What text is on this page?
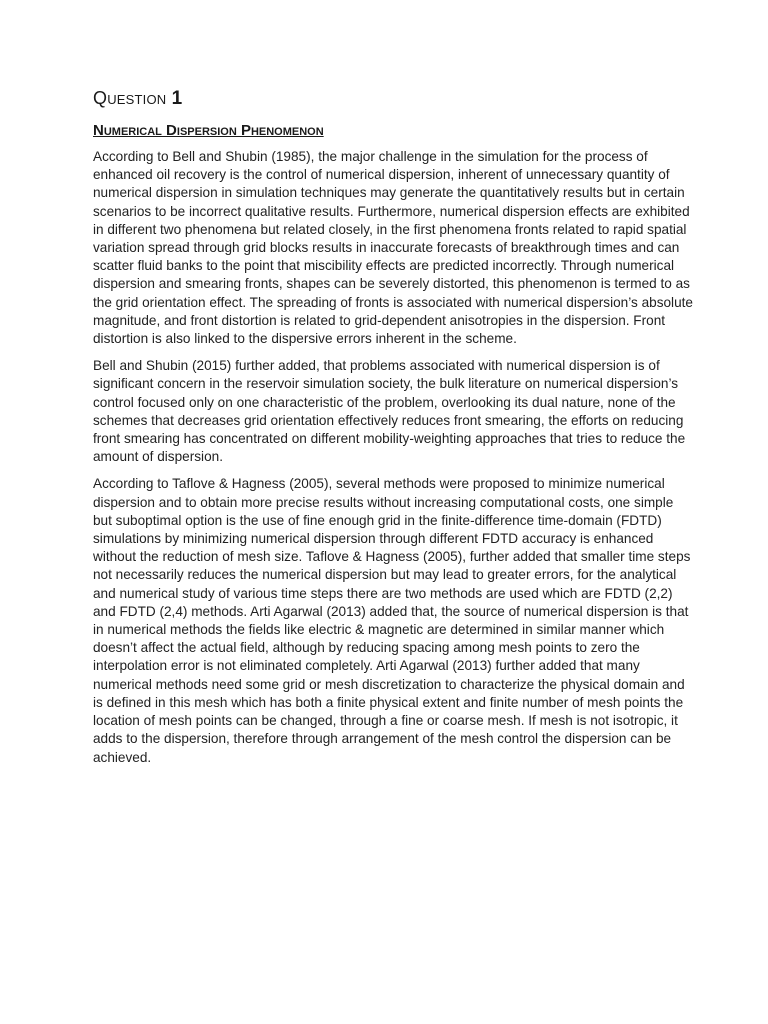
Question 1
Numerical Dispersion Phenomenon

According to Bell and Shubin (1985), the major challenge in the simulation for the process of enhanced oil recovery is the control of numerical dispersion, inherent of unnecessary quantity of numerical dispersion in simulation techniques may generate the quantitatively results but in certain scenarios to be incorrect qualitative results. Furthermore, numerical dispersion effects are exhibited in different two phenomena but related closely, in the first phenomena fronts related to rapid spatial variation spread through grid blocks results in inaccurate forecasts of breakthrough times and can scatter fluid banks to the point that miscibility effects are predicted incorrectly. Through numerical dispersion and smearing fronts, shapes can be severely distorted, this phenomenon is termed to as the grid orientation effect. The spreading of fronts is associated with numerical dispersion’s absolute magnitude, and front distortion is related to grid-dependent anisotropies in the dispersion. Front distortion is also linked to the dispersive errors inherent in the scheme.

Bell and Shubin (2015) further added, that problems associated with numerical dispersion is of significant concern in the reservoir simulation society, the bulk literature on numerical dispersion’s control focused only on one characteristic of the problem, overlooking its dual nature, none of the schemes that decreases grid orientation effectively reduces front smearing, the efforts on reducing front smearing has concentrated on different mobility-weighting approaches that tries to reduce the amount of dispersion.

According to Taflove & Hagness (2005), several methods were proposed to minimize numerical dispersion and to obtain more precise results without increasing computational costs, one simple but suboptimal option is the use of fine enough grid in the finite-difference time-domain (FDTD) simulations by minimizing numerical dispersion through different FDTD accuracy is enhanced without the reduction of mesh size. Taflove & Hagness (2005), further added that smaller time steps not necessarily reduces the numerical dispersion but may lead to greater errors, for the analytical and numerical study of various time steps there are two methods are used which are FDTD (2,2) and FDTD (2,4) methods. Arti Agarwal (2013) added that, the source of numerical dispersion is that in numerical methods the fields like electric & magnetic are determined in similar manner which doesn’t affect the actual field, although by reducing spacing among mesh points to zero the interpolation error is not eliminated completely. Arti Agarwal (2013) further added that many numerical methods need some grid or mesh discretization to characterize the physical domain and is defined in this mesh which has both a finite physical extent and finite number of mesh points the location of mesh points can be changed, through a fine or coarse mesh. If mesh is not isotropic, it adds to the dispersion, therefore through arrangement of the mesh control the dispersion can be achieved.
